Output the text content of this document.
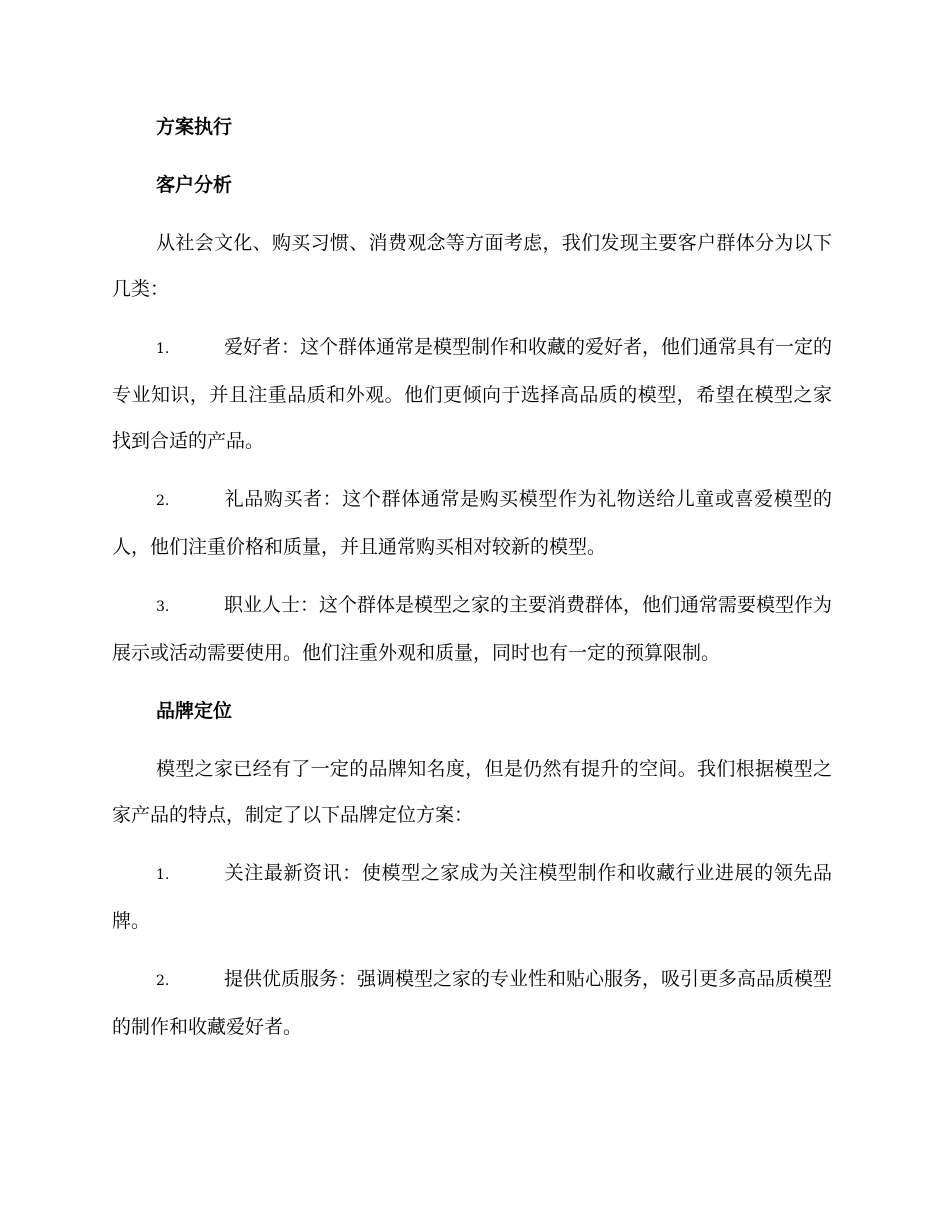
方案执行
客户分析

从社会文化、购买习惯、消费观念等方面考虑，我们发现主要客户群体分为以下几类：

1.	爱好者：这个群体通常是模型制作和收藏的爱好者，他们通常具有一定的专业知识，并且注重品质和外观。他们更倾向于选择高品质的模型，希望在模型之家找到合适的产品。

2.	礼品购买者：这个群体通常是购买模型作为礼物送给儿童或喜爱模型的人，他们注重价格和质量，并且通常购买相对较新的模型。

3.	职业人士：这个群体是模型之家的主要消费群体，他们通常需要模型作为展示或活动需要使用。他们注重外观和质量，同时也有一定的预算限制。

品牌定位

模型之家已经有了一定的品牌知名度，但是仍然有提升的空间。我们根据模型之家产品的特点，制定了以下品牌定位方案：

1.	关注最新资讯：使模型之家成为关注模型制作和收藏行业进展的领先品牌。

2.	提供优质服务：强调模型之家的专业性和贴心服务，吸引更多高品质模型的制作和收藏爱好者。
